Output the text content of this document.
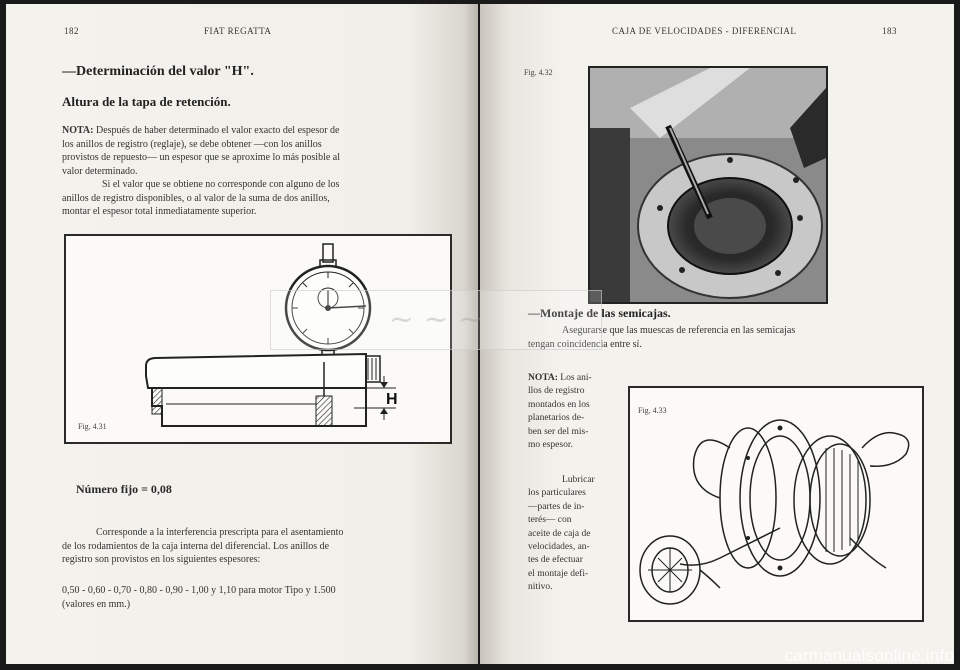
182	FIAT REGATTA
—Determinación del valor "H".
Altura de la tapa de retención.
NOTA: Después de haber determinado el valor exacto del espesor de
los anillos de registro (reglaje), se debe obtener —con los anillos
provistos de repuesto— un espesor que se aproxime lo más posible al
valor determinado.
Si el valor que se obtiene no corresponde con alguno de los
anillos de registro disponibles, o al valor de la suma de dos anillos,
montar el espesor total inmediatamente superior.
H
Fig. 4.31
Número fijo = 0,08
Corresponde a la interferencia prescripta para el asentamiento
de los rodamientos de la caja interna del diferencial. Los anillos de
registro son provistos en los siguientes espesores:
0,50 - 0,60 - 0,70 - 0,80 - 0,90 - 1,00 y 1,10 para motor Tipo y 1.500
(valores en mm.)
CAJA DE VELOCIDADES - DIFERENCIAL	183
Fig. 4.32
—Montaje de las semicajas.
Asegurarse que las muescas de referencia en las semicajas
tengan coincidencia entre sí.
NOTA: Los ani-
llos de registro
montados en los
planetarios de-
ben ser del mis-
mo espesor.
Lubricar
los particulares
—partes de in-
terés— con
aceite de caja de
velocidades, an-
tes de efectuar
el montaje defi-
nitivo.
Fig. 4.33
~ ~ ~
carmanualsonline.info
